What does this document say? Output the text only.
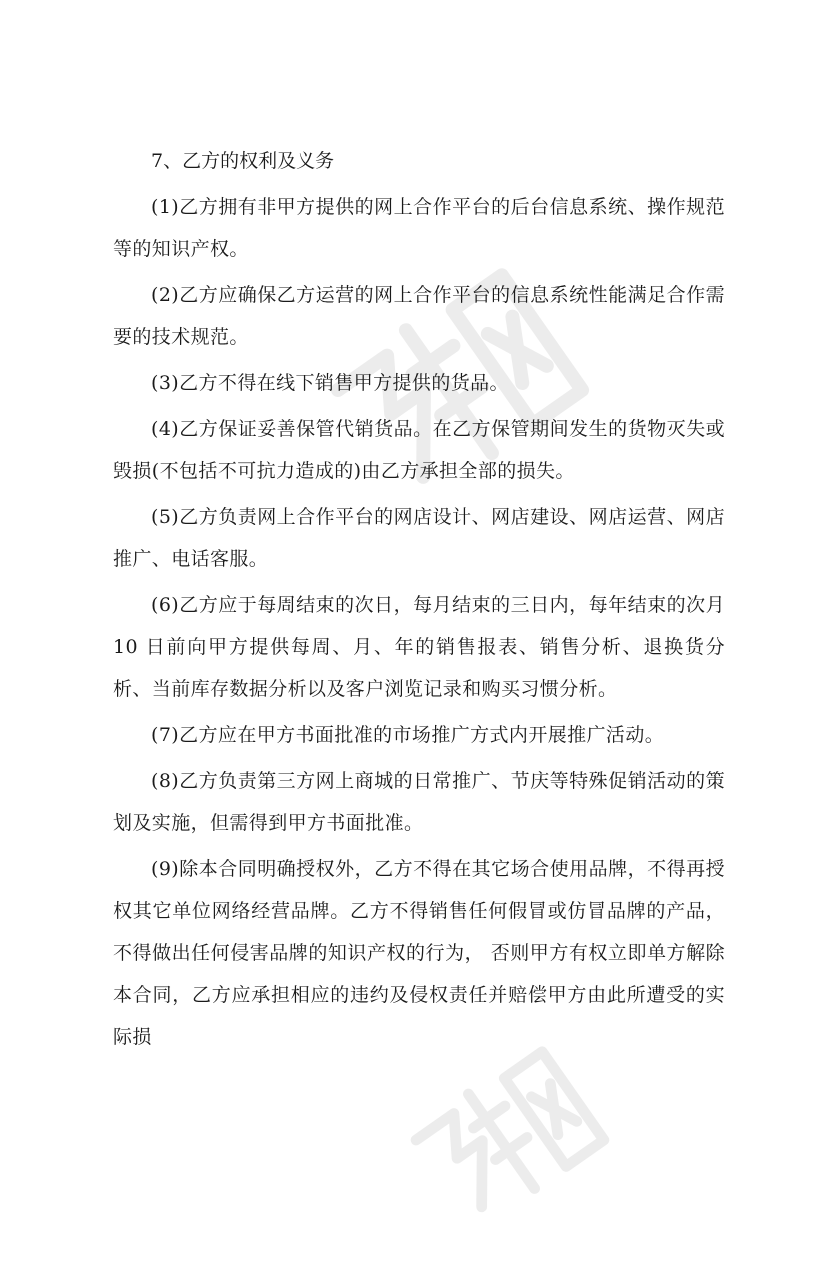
7、乙方的权利及义务

(1)乙方拥有非甲方提供的网上合作平台的后台信息系统、操作规范等的知识产权。

(2)乙方应确保乙方运营的网上合作平台的信息系统性能满足合作需要的技术规范。

(3)乙方不得在线下销售甲方提供的货品。

(4)乙方保证妥善保管代销货品。在乙方保管期间发生的货物灭失或毁损(不包括不可抗力造成的)由乙方承担全部的损失。

(5)乙方负责网上合作平台的网店设计、网店建设、网店运营、网店推广、电话客服。

(6)乙方应于每周结束的次日，每月结束的三日内，每年结束的次月 10 日前向甲方提供每周、月、年的销售报表、销售分析、退换货分析、当前库存数据分析以及客户浏览记录和购买习惯分析。

(7)乙方应在甲方书面批准的市场推广方式内开展推广活动。

(8)乙方负责第三方网上商城的日常推广、节庆等特殊促销活动的策划及实施，但需得到甲方书面批准。

(9)除本合同明确授权外，乙方不得在其它场合使用品牌，不得再授权其它单位网络经营品牌。乙方不得销售任何假冒或仿冒品牌的产品，不得做出任何侵害品牌的知识产权的行为， 否则甲方有权立即单方解除本合同，乙方应承担相应的违约及侵权责任并赔偿甲方由此所遭受的实际损
